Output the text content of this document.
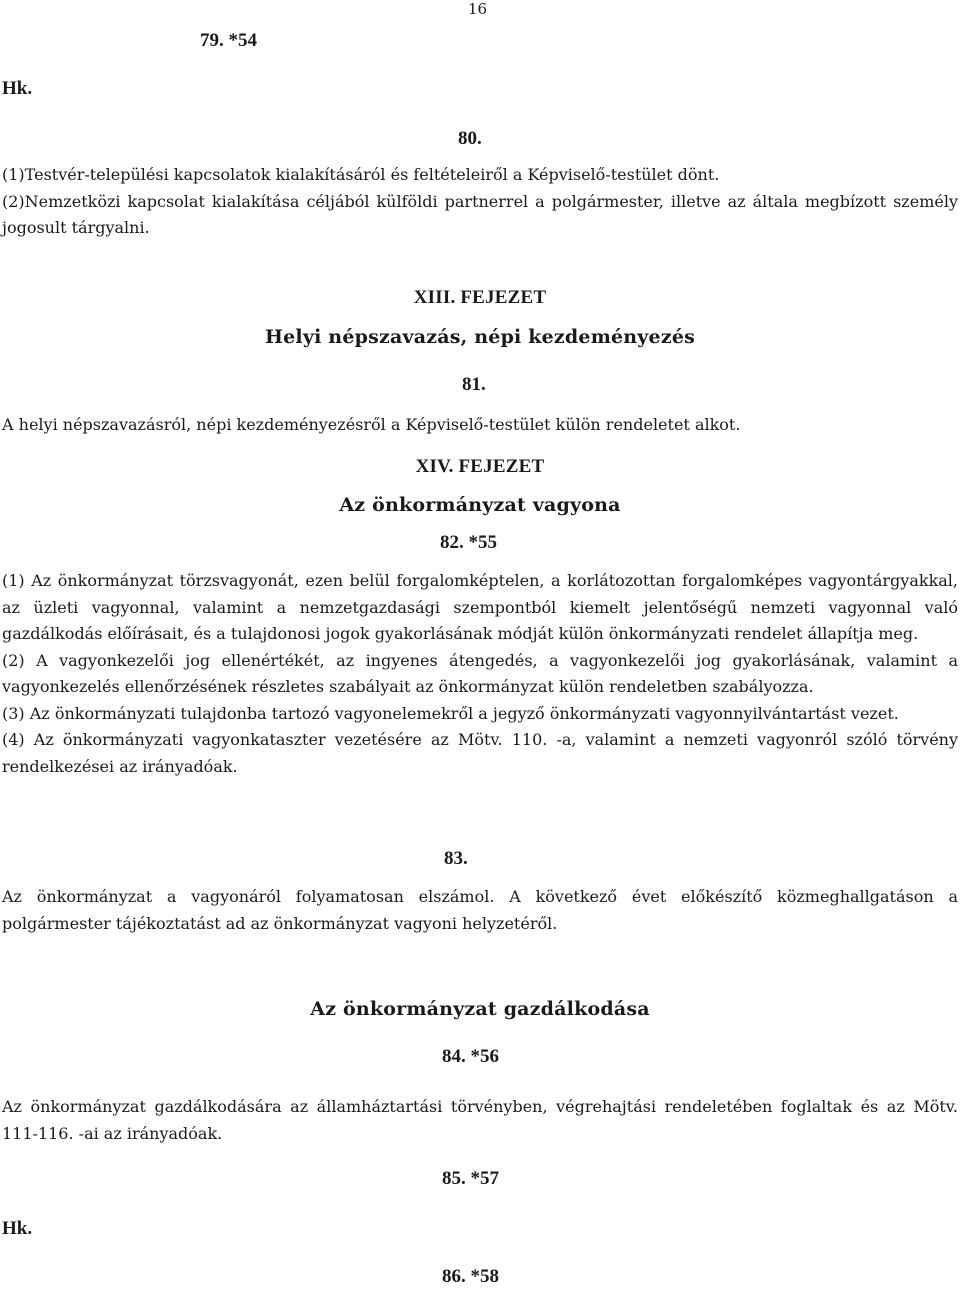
16
79. *54
Hk.
80.
(1)Testvér-települési kapcsolatok kialakításáról és feltételeiről a Képviselő-testület dönt.
(2)Nemzetközi kapcsolat kialakítása céljából külföldi partnerrel a polgármester, illetve az általa megbízott személy jogosult tárgyalni.
XIII. FEJEZET
Helyi népszavazás, népi kezdeményezés
81.
A helyi népszavazásról, népi kezdeményezésről a Képviselő-testület külön rendeletet alkot.
XIV. FEJEZET
Az önkormányzat vagyona
82. *55
(1) Az önkormányzat törzsvagyonát, ezen belül forgalomképtelen, a korlátozottan forgalomképes vagyontárgyakkal, az üzleti vagyonnal, valamint a nemzetgazdasági szempontból kiemelt jelentőségű nemzeti vagyonnal való gazdálkodás előírásait, és a tulajdonosi jogok gyakorlásának módját külön önkormányzati rendelet állapítja meg.
(2) A vagyonkezelői jog ellenértékét, az ingyenes átengedés, a vagyonkezelői jog gyakorlásának, valamint a vagyonkezelés ellenőrzésének részletes szabályait az önkormányzat külön rendeletben szabályozza.
(3) Az önkormányzati tulajdonba tartozó vagyonelemekről a jegyző önkormányzati vagyonnyilvántartást vezet.
(4) Az önkormányzati vagyonkataszter vezetésére az Mötv. 110. -a, valamint a nemzeti vagyonról szóló törvény rendelkezései az irányadóak.
83.
Az önkormányzat a vagyonáról folyamatosan elszámol. A következő évet előkészítő közmeghallgatáson a polgármester tájékoztatást ad az önkormányzat vagyoni helyzetéről.
Az önkormányzat gazdálkodása
84. *56
Az önkormányzat gazdálkodására az államháztartási törvényben, végrehajtási rendeletében foglaltak és az Mötv. 111-116. -ai az irányadóak.
85. *57
Hk.
86. *58
